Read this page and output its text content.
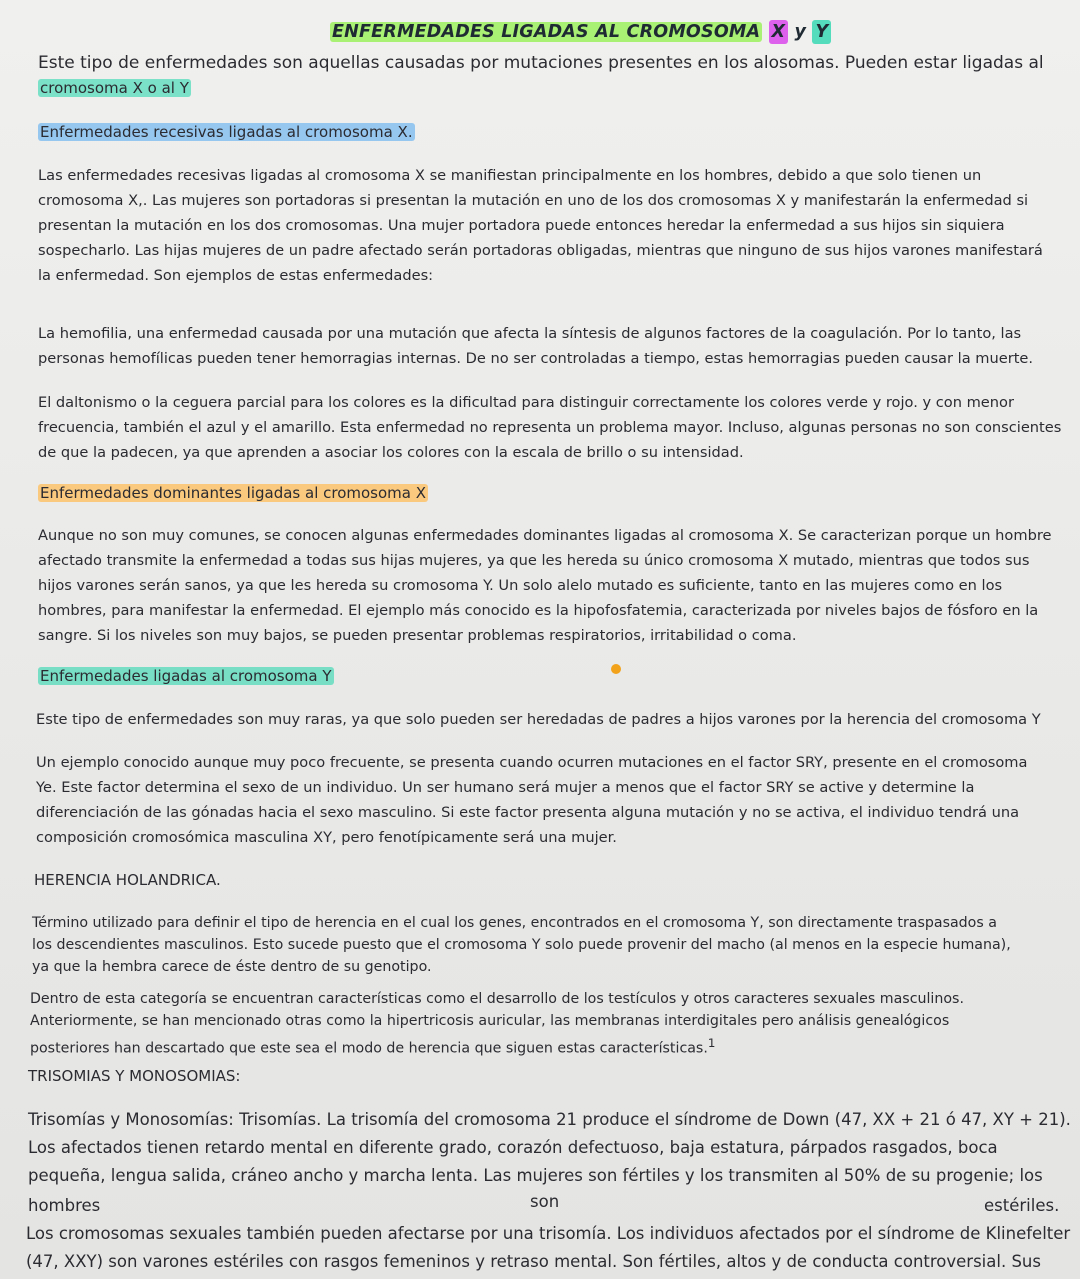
ENFERMEDADES LIGADAS AL CROMOSOMA X y Y

Este tipo de enfermedades son aquellas causadas por mutaciones presentes en los alosomas. Pueden estar ligadas al

cromosoma X o al Y

Enfermedades recesivas ligadas al cromosoma X.

Las enfermedades recesivas ligadas al cromosoma X se manifiestan principalmente en los hombres, debido a que solo tienen un

cromosoma X,. Las mujeres son portadoras si presentan la mutación en uno de los dos cromosomas X y manifestarán la enfermedad si

presentan la mutación en los dos cromosomas. Una mujer portadora puede entonces heredar la enfermedad a sus hijos sin siquiera

sospecharlo. Las hijas mujeres de un padre afectado serán portadoras obligadas, mientras que ninguno de sus hijos varones manifestará

la enfermedad. Son ejemplos de estas enfermedades:

La hemofilia, una enfermedad causada por una mutación que afecta la síntesis de algunos factores de la coagulación. Por lo tanto, las

personas hemofílicas pueden tener hemorragias internas. De no ser controladas a tiempo, estas hemorragias pueden causar la muerte.

El daltonismo o la ceguera parcial para los colores es la dificultad para distinguir correctamente los colores verde y rojo. y con menor

frecuencia, también el azul y el amarillo. Esta enfermedad no representa un problema mayor. Incluso, algunas personas no son conscientes

de que la padecen, ya que aprenden a asociar los colores con la escala de brillo o su intensidad.

Enfermedades dominantes ligadas al cromosoma X

Aunque no son muy comunes, se conocen algunas enfermedades dominantes ligadas al cromosoma X. Se caracterizan porque un hombre

afectado transmite la enfermedad a todas sus hijas mujeres, ya que les hereda su único cromosoma X mutado, mientras que todos sus

hijos varones serán sanos, ya que les hereda su cromosoma Y. Un solo alelo mutado es suficiente, tanto en las mujeres como en los

hombres, para manifestar la enfermedad. El ejemplo más conocido es la hipofosfatemia, caracterizada por niveles bajos de fósforo en la

sangre. Si los niveles son muy bajos, se pueden presentar problemas respiratorios, irritabilidad o coma.

Enfermedades ligadas al cromosoma Y

Este tipo de enfermedades son muy raras, ya que solo pueden ser heredadas de padres a hijos varones por la herencia del cromosoma Y

Un ejemplo conocido aunque muy poco frecuente, se presenta cuando ocurren mutaciones en el factor SRY, presente en el cromosoma

Ye. Este factor determina el sexo de un individuo. Un ser humano será mujer a menos que el factor SRY se active y determine la

diferenciación de las gónadas hacia el sexo masculino. Si este factor presenta alguna mutación y no se activa, el individuo tendrá una

composición cromosómica masculina XY, pero fenotípicamente será una mujer.

HERENCIA HOLANDRICA.

Término utilizado para definir el tipo de herencia en el cual los genes, encontrados en el cromosoma Y, son directamente traspasados a

los descendientes masculinos. Esto sucede puesto que el cromosoma Y solo puede provenir del macho (al menos en la especie humana),

ya que la hembra carece de éste dentro de su genotipo.

Dentro de esta categoría se encuentran características como el desarrollo de los testículos y otros caracteres sexuales masculinos.

Anteriormente, se han mencionado otras como la hipertricosis auricular, las membranas interdigitales pero análisis genealógicos

posteriores han descartado que este sea el modo de herencia que siguen estas características.$^1$

TRISOMIAS Y MONOSOMIAS:

Trisomías y Monosomías: Trisomías. La trisomía del cromosoma 21 produce el síndrome de Down (47, XX + 21 ó 47, XY + 21).

Los afectados tienen retardo mental en diferente grado, corazón defectuoso, baja estatura, párpados rasgados, boca

pequeña, lengua salida, cráneo ancho y marcha lenta. Las mujeres son fértiles y los transmiten al 50% de su progenie; los

hombres	son	estériles.

Los cromosomas sexuales también pueden afectarse por una trisomía. Los individuos afectados por el síndrome de Klinefelter

(47, XXY) son varones estériles con rasgos femeninos y retraso mental. Son fértiles, altos y de conducta controversial. Sus
